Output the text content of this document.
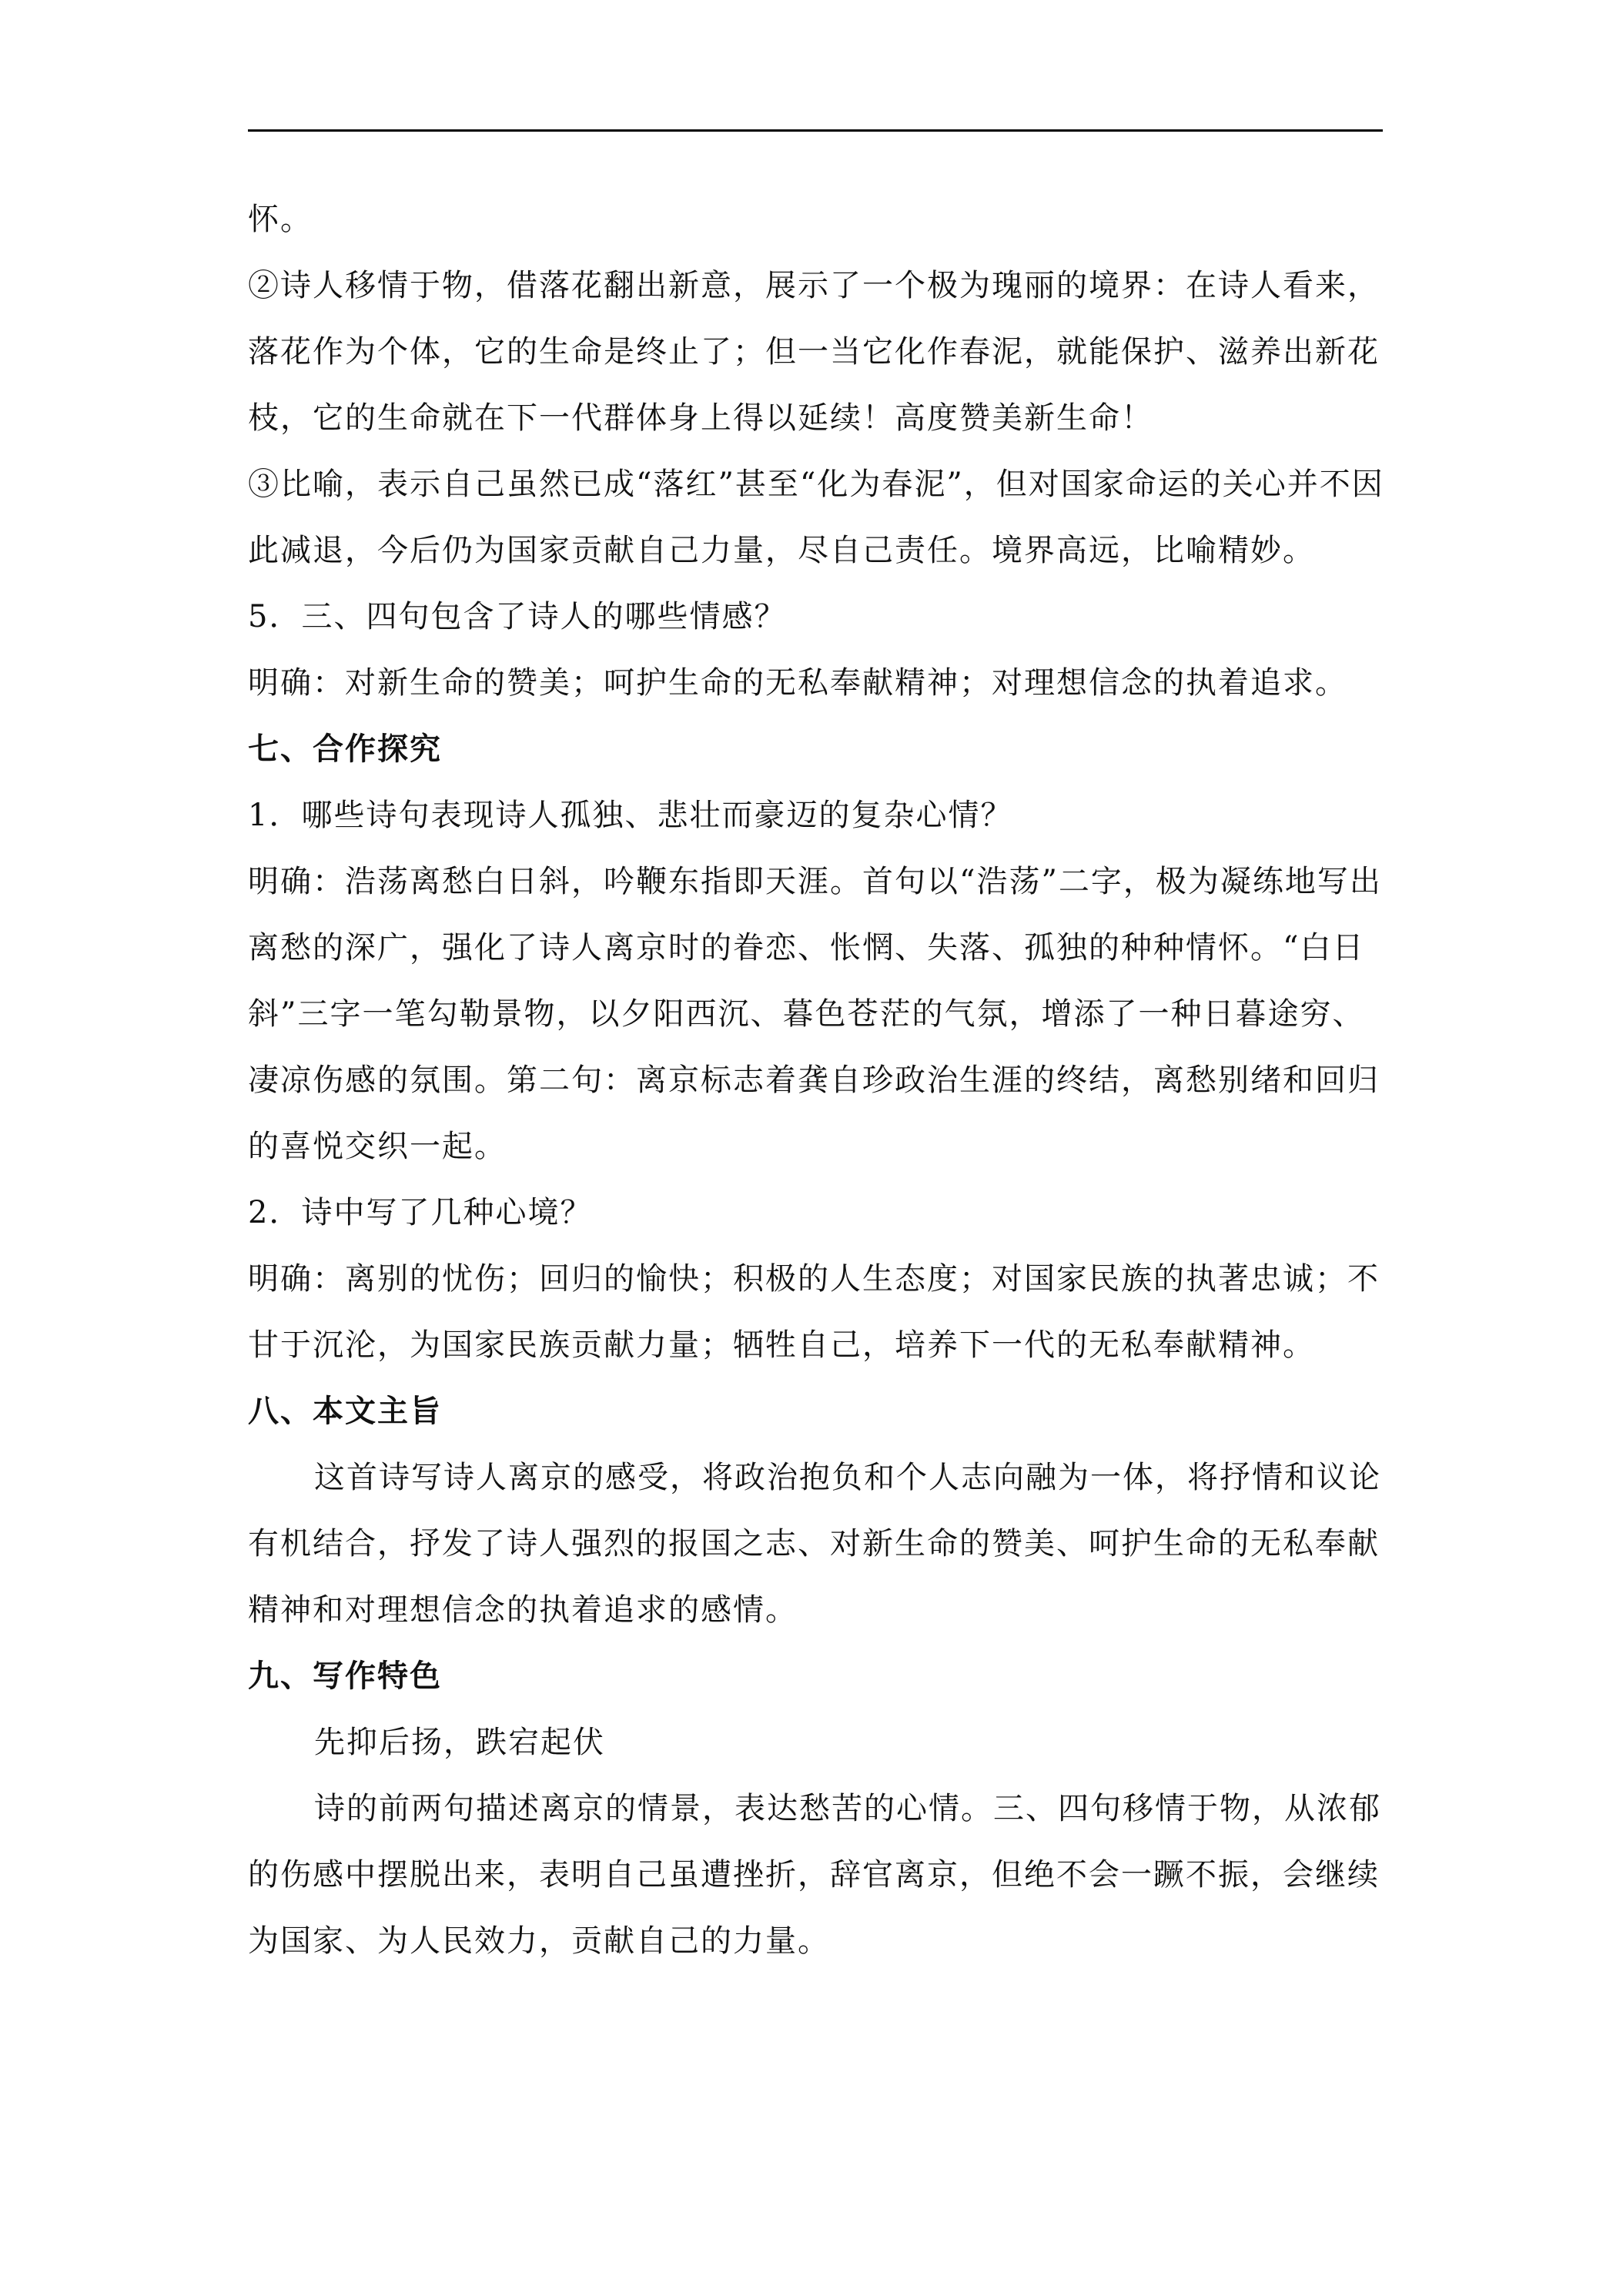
怀。
②诗人移情于物，借落花翻出新意，展示了一个极为瑰丽的境界：在诗人看来，
落花作为个体，它的生命是终止了；但一当它化作春泥，就能保护、滋养出新花
枝，它的生命就在下一代群体身上得以延续！高度赞美新生命！
③比喻，表示自己虽然已成“落红”甚至“化为春泥”，但对国家命运的关心并不因
此减退，今后仍为国家贡献自己力量，尽自己责任。境界高远，比喻精妙。
5．三、四句包含了诗人的哪些情感？
明确：对新生命的赞美；呵护生命的无私奉献精神；对理想信念的执着追求。
七、合作探究
1．哪些诗句表现诗人孤独、悲壮而豪迈的复杂心情？
明确：浩荡离愁白日斜，吟鞭东指即天涯。首句以“浩荡”二字，极为凝练地写出
离愁的深广，强化了诗人离京时的眷恋、怅惘、失落、孤独的种种情怀。“白日
斜”三字一笔勾勒景物，以夕阳西沉、暮色苍茫的气氛，增添了一种日暮途穷、
凄凉伤感的氛围。第二句：离京标志着龚自珍政治生涯的终结，离愁别绪和回归
的喜悦交织一起。
2．诗中写了几种心境？
明确：离别的忧伤；回归的愉快；积极的人生态度；对国家民族的执著忠诚；不
甘于沉沦，为国家民族贡献力量；牺牲自己，培养下一代的无私奉献精神。
八、本文主旨
这首诗写诗人离京的感受，将政治抱负和个人志向融为一体，将抒情和议论
有机结合，抒发了诗人强烈的报国之志、对新生命的赞美、呵护生命的无私奉献
精神和对理想信念的执着追求的感情。
九、写作特色
先抑后扬，跌宕起伏
诗的前两句描述离京的情景，表达愁苦的心情。三、四句移情于物，从浓郁
的伤感中摆脱出来，表明自己虽遭挫折，辞官离京，但绝不会一蹶不振，会继续
为国家、为人民效力，贡献自己的力量。
